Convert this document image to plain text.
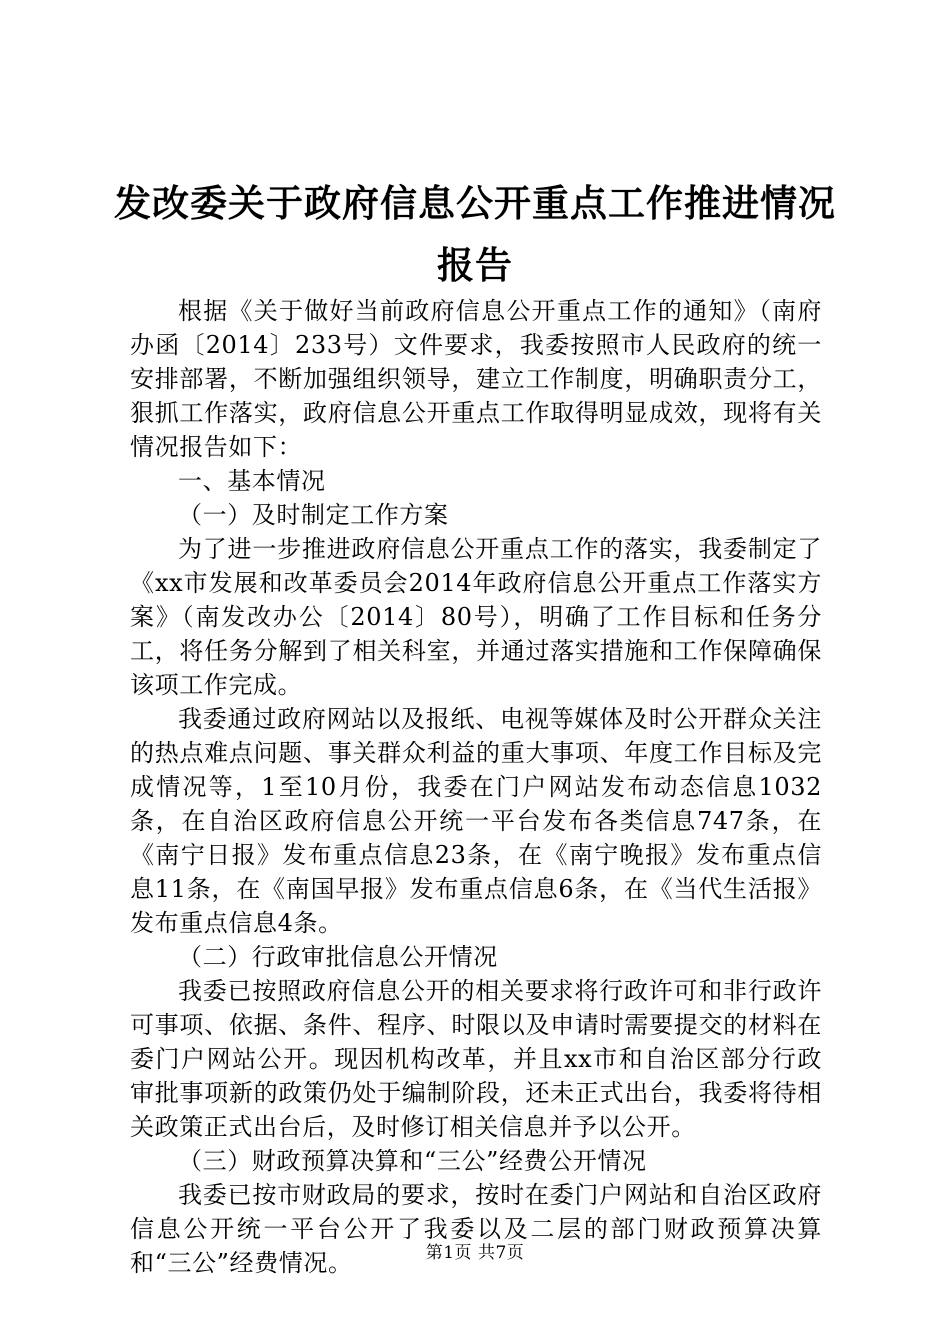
发改委关于政府信息公开重点工作推进情况报告

根据《关于做好当前政府信息公开重点工作的通知》（南府办函〔2014〕233号）文件要求，我委按照市人民政府的统一安排部署，不断加强组织领导，建立工作制度，明确职责分工，狠抓工作落实，政府信息公开重点工作取得明显成效，现将有关情况报告如下：

一、基本情况

（一）及时制定工作方案

为了进一步推进政府信息公开重点工作的落实，我委制定了《xx市发展和改革委员会2014年政府信息公开重点工作落实方案》（南发改办公〔2014〕80号），明确了工作目标和任务分工，将任务分解到了相关科室，并通过落实措施和工作保障确保该项工作完成。

我委通过政府网站以及报纸、电视等媒体及时公开群众关注的热点难点问题、事关群众利益的重大事项、年度工作目标及完成情况等，1至10月份，我委在门户网站发布动态信息1032条，在自治区政府信息公开统一平台发布各类信息747条，在《南宁日报》发布重点信息23条，在《南宁晚报》发布重点信息11条，在《南国早报》发布重点信息6条，在《当代生活报》发布重点信息4条。

（二）行政审批信息公开情况

我委已按照政府信息公开的相关要求将行政许可和非行政许可事项、依据、条件、程序、时限以及申请时需要提交的材料在委门户网站公开。现因机构改革，并且xx市和自治区部分行政审批事项新的政策仍处于编制阶段，还未正式出台，我委将待相关政策正式出台后，及时修订相关信息并予以公开。

（三）财政预算决算和“三公”经费公开情况

我委已按市财政局的要求，按时在委门户网站和自治区政府信息公开统一平台公开了我委以及二层的部门财政预算决算和“三公”经费情况。	第1页 共7页
